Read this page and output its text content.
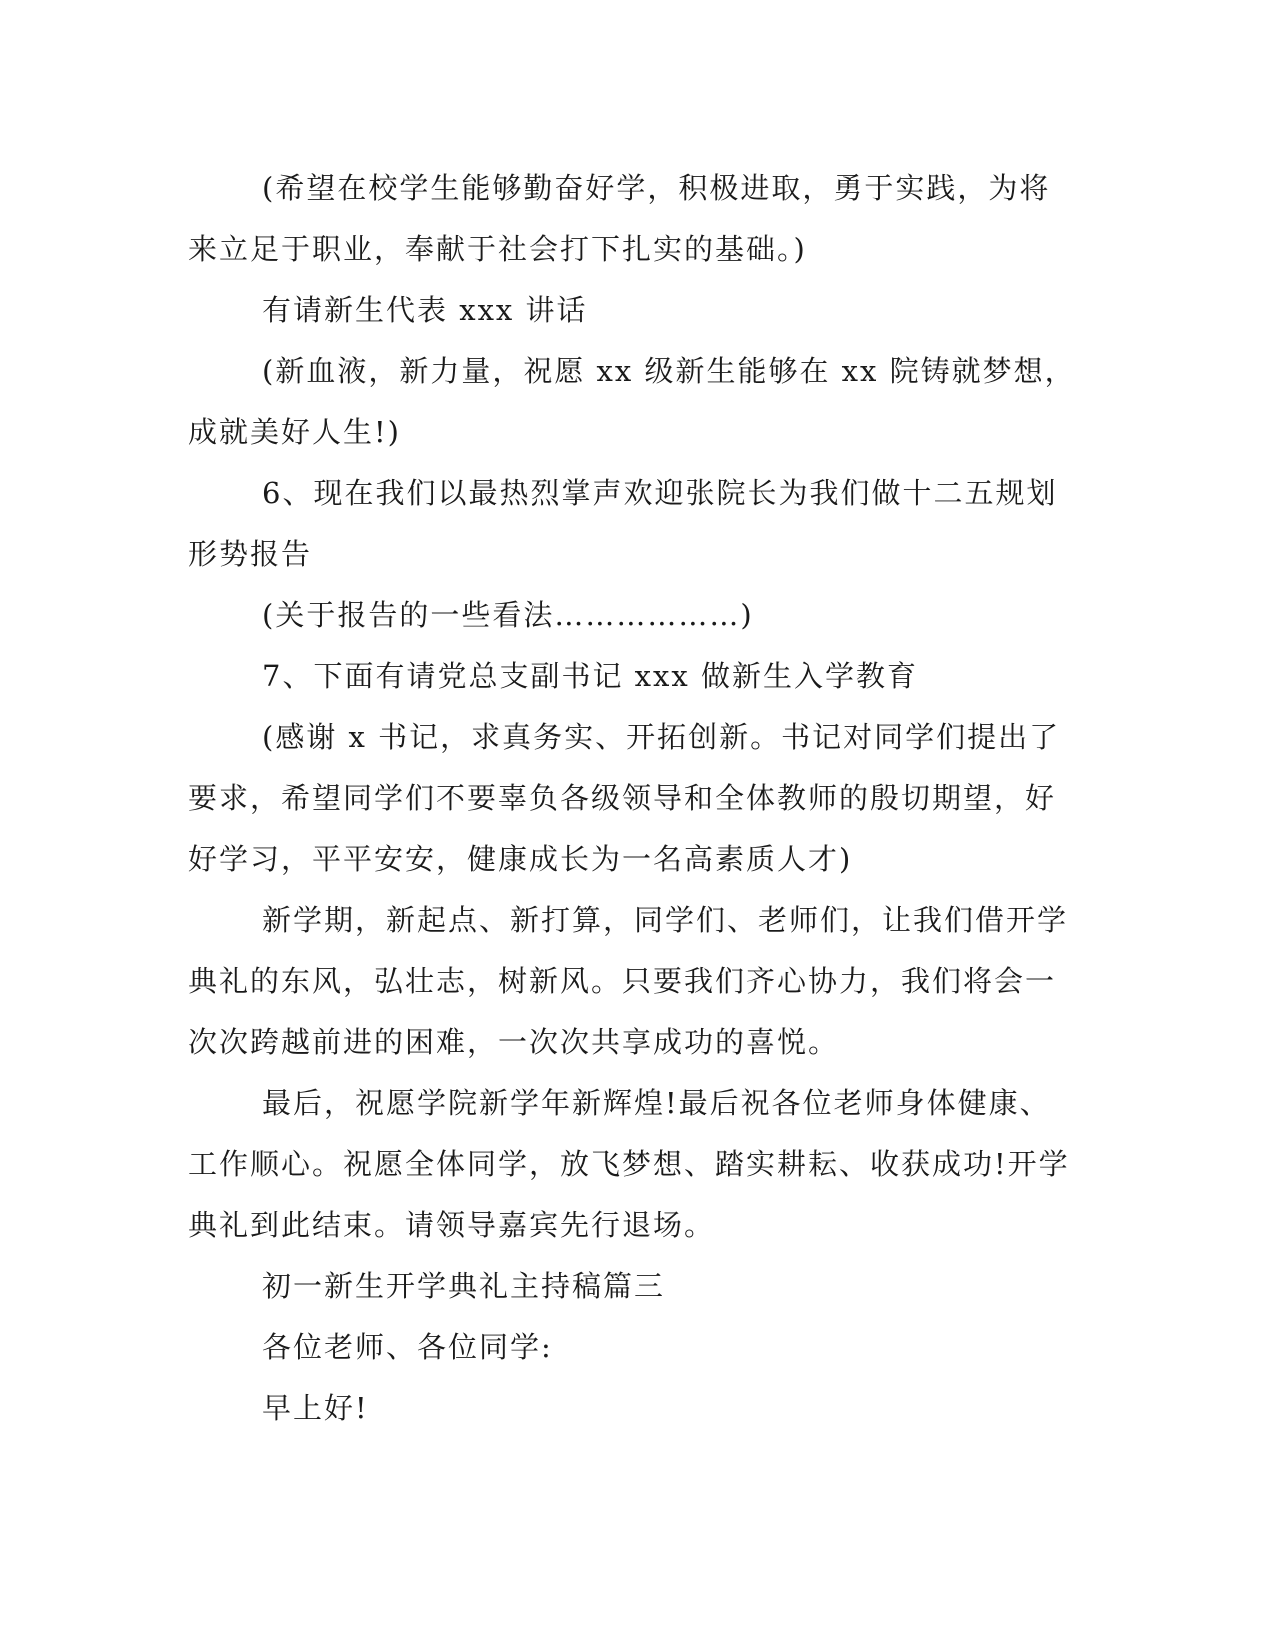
(希望在校学生能够勤奋好学，积极进取，勇于实践，为将来立足于职业，奉献于社会打下扎实的基础。)

有请新生代表 xxx 讲话

(新血液，新力量，祝愿 xx 级新生能够在 xx 院铸就梦想，成就美好人生!)

6、现在我们以最热烈掌声欢迎张院长为我们做十二五规划形势报告

(关于报告的一些看法………………)

7、下面有请党总支副书记 xxx 做新生入学教育

(感谢 x 书记，求真务实、开拓创新。书记对同学们提出了要求，希望同学们不要辜负各级领导和全体教师的殷切期望，好好学习，平平安安，健康成长为一名高素质人才)

新学期，新起点、新打算，同学们、老师们，让我们借开学典礼的东风，弘壮志，树新风。只要我们齐心协力，我们将会一次次跨越前进的困难，一次次共享成功的喜悦。

最后，祝愿学院新学年新辉煌!最后祝各位老师身体健康、工作顺心。祝愿全体同学，放飞梦想、踏实耕耘、收获成功!开学典礼到此结束。请领导嘉宾先行退场。

初一新生开学典礼主持稿篇三

各位老师、各位同学:

早上好!
